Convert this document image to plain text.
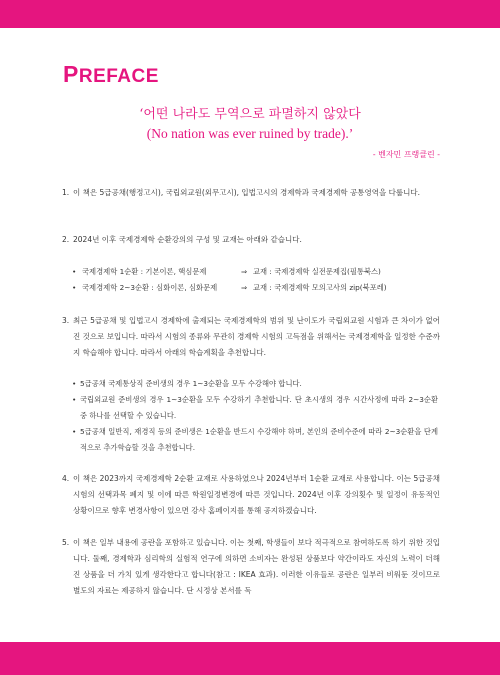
PREFACE
‘어떤 나라도 무역으로 파멸하지 않았다
(No nation was ever ruined by trade).’
- 벤자민 프랭클린 -
1. 이 책은 5급공채(행정고시), 국립외교원(외무고시), 입법고시의 경제학과 국제경제학 공통영역을 다룹니다.
2. 2024년 이후 국제경제학 순환강의의 구성 및 교재는 아래와 같습니다.
• 국제경제학 1순환 : 기본이론, 핵심문제	⇒ 교재 : 국제경제학 실전문제집(필통북스)
• 국제경제학 2~3순환 : 심화이론, 심화문제	⇒ 교재 : 국제경제학 모의고사의 zip(북포레)
3. 최근 5급공채 및 입법고시 경제학에 출제되는 국제경제학의 범위 및 난이도가 국립외교원 시험과 큰 차이가 없어진 것으로 보입니다. 따라서 시험의 종류와 무관히 경제학 시험의 고득점을 위해서는 국제경제학을 일정한 수준까지 학습해야 합니다. 따라서 아래의 학습계획을 추천합니다.
• 5급공채 국제통상직 준비생의 경우 1~3순환을 모두 수강해야 합니다.
• 국립외교원 준비생의 경우 1~3순환을 모두 수강하기 추천합니다. 단 초시생의 경우 시간사정에 따라 2~3순환 중 하나를 선택할 수 있습니다.
• 5급공채 일반직, 재경직 등의 준비생은 1순환을 반드시 수강해야 하며, 본인의 준비수준에 따라 2~3순환을 단계적으로 추가학습할 것을 추천합니다.
4. 이 책은 2023까지 국제경제학 2순환 교재로 사용하였으나 2024년부터 1순환 교재로 사용합니다. 이는 5급공채시험의 선택과목 폐지 및 이에 따른 학원일정변경에 따른 것입니다. 2024년 이후 강의횟수 및 일정이 유동적인 상황이므로 향후 변경사항이 있으면 강사 홈페이지를 통해 공지하겠습니다.
5. 이 책은 일부 내용에 공란을 포함하고 있습니다. 이는 첫째, 학생들이 보다 적극적으로 참여하도록 하기 위한 것입니다. 둘째, 경제학과 심리학의 실험적 연구에 의하면 소비자는 완성된 상품보다 약간이라도 자신의 노력이 더해진 상품을 더 가치 있게 생각한다고 합니다(참고 : IKEA 효과). 이러한 이유들로 공란은 일부러 비워둔 것이므로 별도의 자료는 제공하지 않습니다. 단 시정상 본서를 독
